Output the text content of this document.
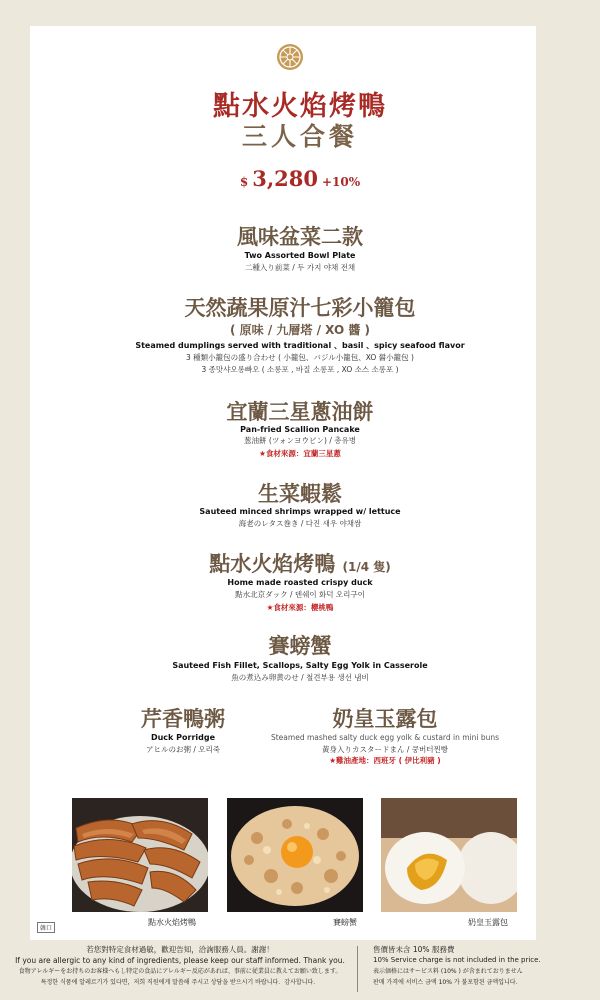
點水火焰烤鴨
三人合餐
$ 3,280 +10%
風味盆菜二款
Two Assorted Bowl Plate
二種入り前菜 / 두 가지 야채 전채
天然蔬果原汁七彩小籠包
( 原味 / 九層塔 / XO 醬 )
Steamed dumplings served with traditional 、basil 、spicy seafood flavor
3 種類小籠包の盛り合わせ ( 小籠包、バジル小籠包、XO 醤小籠包 )
3 종맛샤오롱빠오 ( 소롱포 , 바질 소롱포 , XO 소스 소롱포 )
宜蘭三星蔥油餅
Pan-fried Scallion Pancake
葱油餅 (ツォンヨウビン) / 총유병
★食材來源：宜蘭三星蔥
生菜蝦鬆
Sauteed minced shrimps wrapped w/ lettuce
海老のレタス巻き / 다진 새우 야채쌈
點水火焰烤鴨 (1/4 隻)
Home made roasted crispy duck
點水北京ダック / 덴쉐이 화덕 오리구이
★食材來源：櫻桃鴨
賽螃蟹
Sauteed Fish Fillet, Scallops, Salty Egg Yolk in Casserole
魚の煮込み卵黄のせ / 철견부용 생선 냄비
芹香鴨粥
Duck Porridge
アヒルのお粥 / 오리죽
奶皇玉露包
Steamed mashed salty duck egg yolk & custard in mini buns
黃身入りカスタードまん / 쿵버터찐빵
★雞油產地：西班牙 ( 伊比利豬 )
點水火焰烤鴨	賽螃蟹	奶皇玉露包
韓口
若您對特定食材過敏，歡迎告知，洽詢服務人員。謝謝！
If you are allergic to any kind of ingredients, please keep our staff informed. Thank you.
食物アレルギーをお持ちのお客様へもし特定の食品にアレルギー反応があれば、事前に従業員に教えてお願い致します。
특정한 식품에 알레르기가 있다면，저희 직원에게 말씀해 주시고 상담을 받으시기 바랍니다．감사합니다．
售價皆未含 10% 服務費
10% Service charge is not included in the price.
表示価格にはサービス料 (10% ) が含まれておりません
판매 가격에 서비스 금액 10% 가 불포함된 금액입니다．
